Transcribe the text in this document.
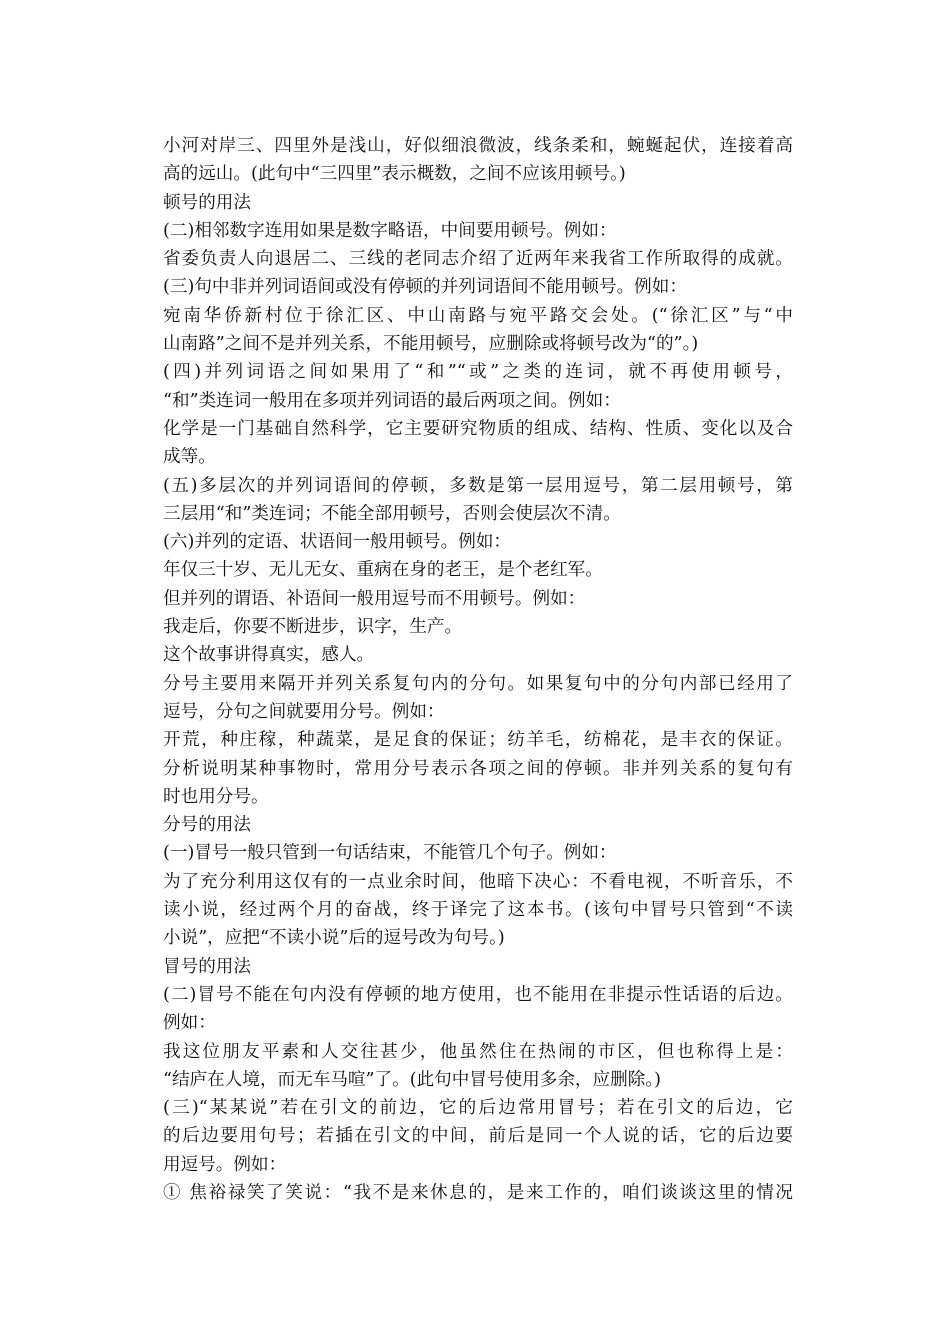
小河对岸三、四里外是浅山，好似细浪微波，线条柔和，蜿蜒起伏，连接着高
高的远山。(此句中“三四里”表示概数，之间不应该用顿号。)
顿号的用法
(二)相邻数字连用如果是数字略语，中间要用顿号。例如：
省委负责人向退居二、三线的老同志介绍了近两年来我省工作所取得的成就。
(三)句中非并列词语间或没有停顿的并列词语间不能用顿号。例如：
宛南华侨新村位于徐汇区、中山南路与宛平路交会处。(“徐汇区”与“中
山南路”之间不是并列关系，不能用顿号，应删除或将顿号改为“的”。)
(四)并列词语之间如果用了“和”“或”之类的连词，就不再使用顿号，
“和”类连词一般用在多项并列词语的最后两项之间。例如：
化学是一门基础自然科学，它主要研究物质的组成、结构、性质、变化以及合
成等。
(五)多层次的并列词语间的停顿，多数是第一层用逗号，第二层用顿号，第
三层用“和”类连词；不能全部用顿号，否则会使层次不清。
(六)并列的定语、状语间一般用顿号。例如：
年仅三十岁、无儿无女、重病在身的老王，是个老红军。
但并列的谓语、补语间一般用逗号而不用顿号。例如：
我走后，你要不断进步，识字，生产。
这个故事讲得真实，感人。
分号主要用来隔开并列关系复句内的分句。如果复句中的分句内部已经用了
逗号，分句之间就要用分号。例如：
开荒，种庄稼，种蔬菜，是足食的保证；纺羊毛，纺棉花，是丰衣的保证。
分析说明某种事物时，常用分号表示各项之间的停顿。非并列关系的复句有
时也用分号。
分号的用法
(一)冒号一般只管到一句话结束，不能管几个句子。例如：
为了充分利用这仅有的一点业余时间，他暗下决心：不看电视，不听音乐，不
读小说，经过两个月的奋战，终于译完了这本书。(该句中冒号只管到“不读
小说”，应把“不读小说”后的逗号改为句号。)
冒号的用法
(二)冒号不能在句内没有停顿的地方使用，也不能用在非提示性话语的后边。
例如：
我这位朋友平素和人交往甚少，他虽然住在热闹的市区，但也称得上是：
“结庐在人境，而无车马喧”了。(此句中冒号使用多余，应删除。)
(三)“某某说”若在引文的前边，它的后边常用冒号；若在引文的后边，它
的后边要用句号；若插在引文的中间，前后是同一个人说的话，它的后边要
用逗号。例如：
① 焦裕禄笑了笑说：“我不是来休息的，是来工作的，咱们谈谈这里的情况
